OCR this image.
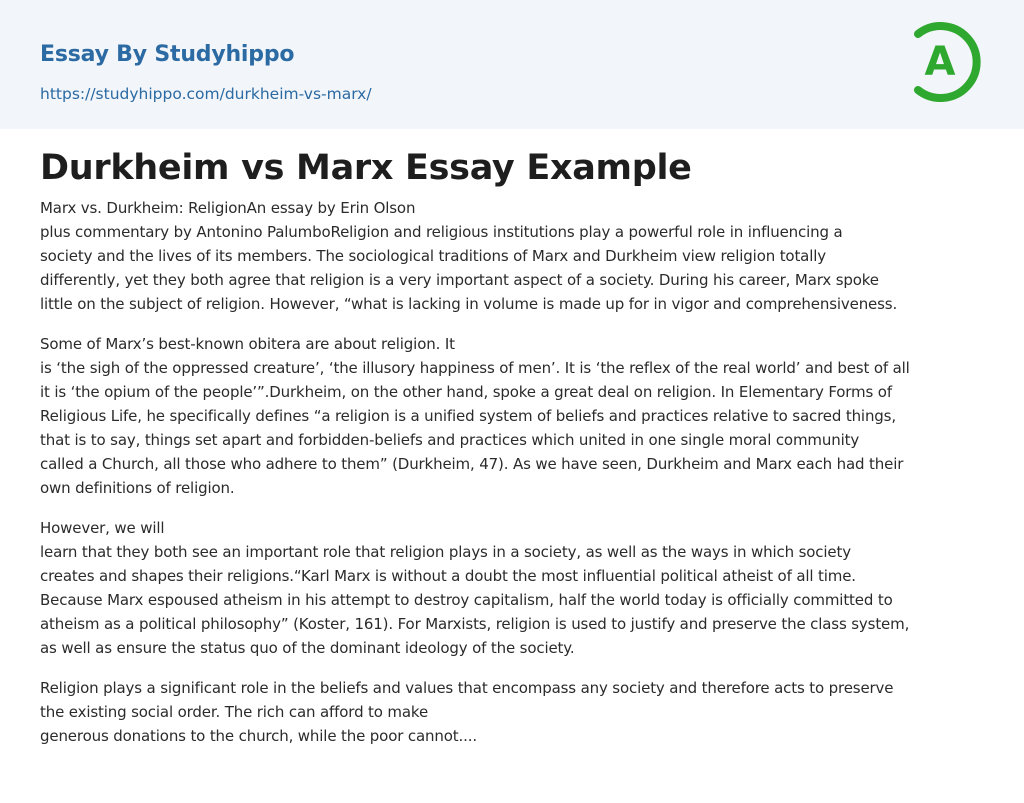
Essay By Studyhippo
https://studyhippo.com/durkheim-vs-marx/
A
Durkheim vs Marx Essay Example

Marx vs. Durkheim: ReligionAn essay by Erin Olson
plus commentary by Antonino PalumboReligion and religious institutions play a powerful role in influencing a
society and the lives of its members. The sociological traditions of Marx and Durkheim view religion totally
differently, yet they both agree that religion is a very important aspect of a society. During his career, Marx spoke
little on the subject of religion. However, “what is lacking in volume is made up for in vigor and comprehensiveness.

Some of Marx’s best-known obitera are about religion. It
is ‘the sigh of the oppressed creature’, ‘the illusory happiness of men’. It is ‘the reflex of the real world’ and best of all
it is ‘the opium of the people’”.Durkheim, on the other hand, spoke a great deal on religion. In Elementary Forms of
Religious Life, he specifically defines “a religion is a unified system of beliefs and practices relative to sacred things,
that is to say, things set apart and forbidden-beliefs and practices which united in one single moral community
called a Church, all those who adhere to them” (Durkheim, 47). As we have seen, Durkheim and Marx each had their
own definitions of religion.

However, we will
learn that they both see an important role that religion plays in a society, as well as the ways in which society
creates and shapes their religions.“Karl Marx is without a doubt the most influential political atheist of all time.
Because Marx espoused atheism in his attempt to destroy capitalism, half the world today is officially committed to
atheism as a political philosophy” (Koster, 161). For Marxists, religion is used to justify and preserve the class system,
as well as ensure the status quo of the dominant ideology of the society.

Religion plays a significant role in the beliefs and values that encompass any society and therefore acts to preserve
the existing social order. The rich can afford to make
generous donations to the church, while the poor cannot....
